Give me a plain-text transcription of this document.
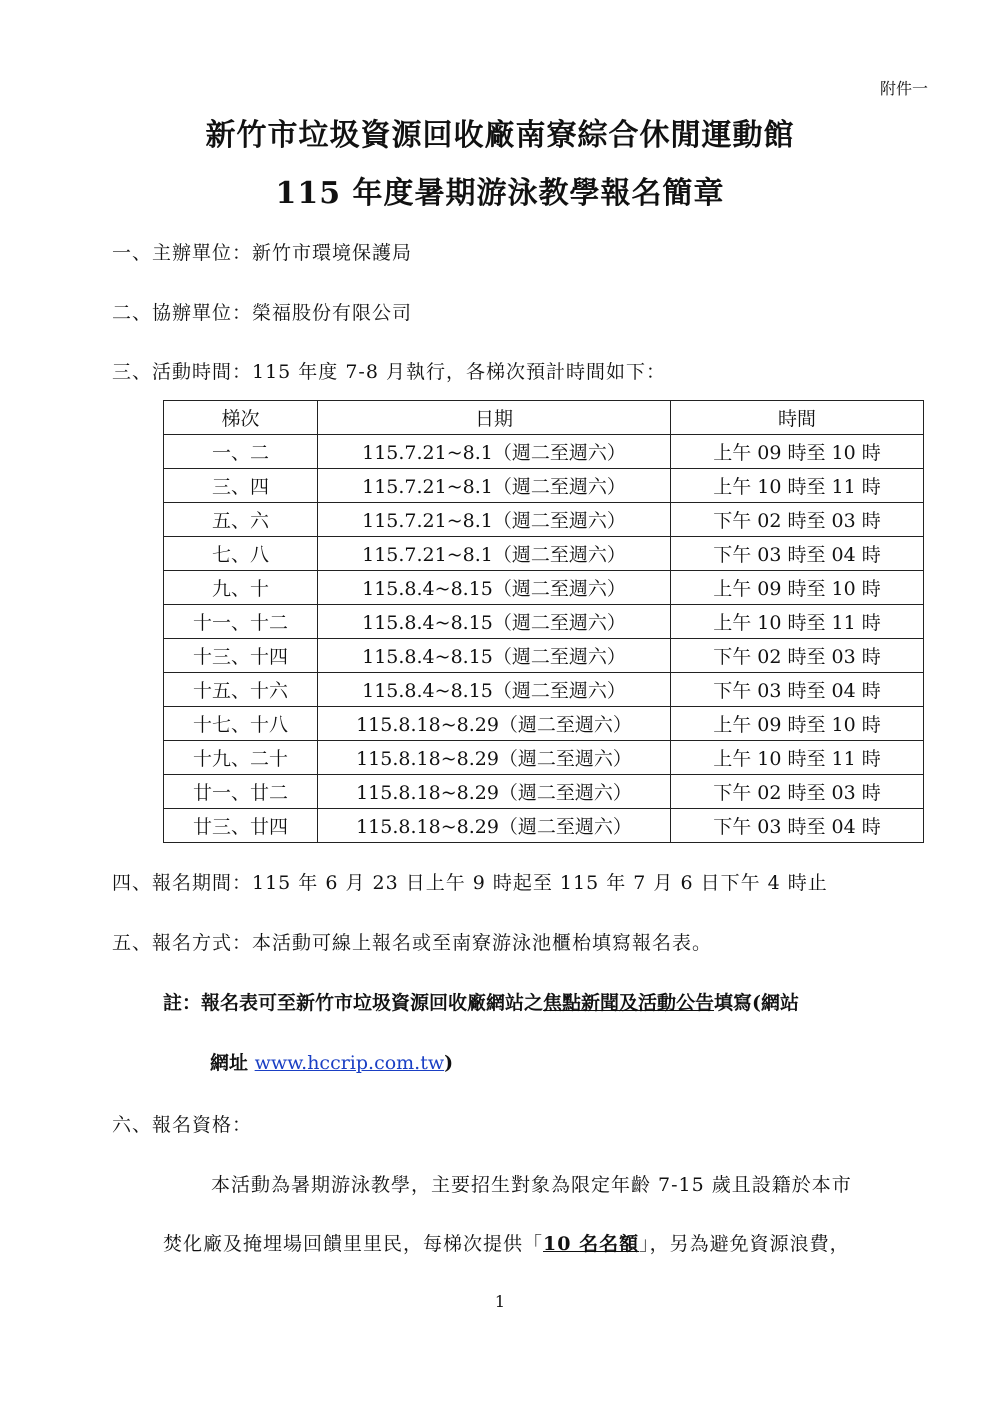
附件一
新竹市垃圾資源回收廠南寮綜合休閒運動館
115 年度暑期游泳教學報名簡章
一、主辦單位：新竹市環境保護局
二、協辦單位：榮福股份有限公司
三、活動時間：115 年度 7-8 月執行，各梯次預計時間如下：
梯次	日期	時間
一、二	115.7.21~8.1（週二至週六）	上午 09 時至 10 時
三、四	115.7.21~8.1（週二至週六）	上午 10 時至 11 時
五、六	115.7.21~8.1（週二至週六）	下午 02 時至 03 時
七、八	115.7.21~8.1（週二至週六）	下午 03 時至 04 時
九、十	115.8.4~8.15（週二至週六）	上午 09 時至 10 時
十一、十二	115.8.4~8.15（週二至週六）	上午 10 時至 11 時
十三、十四	115.8.4~8.15（週二至週六）	下午 02 時至 03 時
十五、十六	115.8.4~8.15（週二至週六）	下午 03 時至 04 時
十七、十八	115.8.18~8.29（週二至週六）	上午 09 時至 10 時
十九、二十	115.8.18~8.29（週二至週六）	上午 10 時至 11 時
廿一、廿二	115.8.18~8.29（週二至週六）	下午 02 時至 03 時
廿三、廿四	115.8.18~8.29（週二至週六）	下午 03 時至 04 時
四、報名期間：115 年 6 月 23 日上午 9 時起至 115 年 7 月 6 日下午 4 時止
五、報名方式：本活動可線上報名或至南寮游泳池櫃枱填寫報名表。
註：報名表可至新竹市垃圾資源回收廠網站之焦點新聞及活動公告填寫(網站
網址 www.hccrip.com.tw)
六、報名資格：
本活動為暑期游泳教學，主要招生對象為限定年齡 7-15 歲且設籍於本市
焚化廠及掩埋場回饋里里民，每梯次提供「10 名名額」，另為避免資源浪費，
1
